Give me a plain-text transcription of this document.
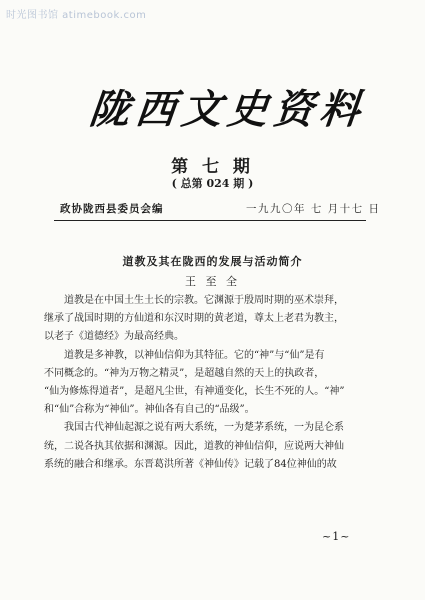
时光图书馆 atimebook.com
陇西文史资料
第 七 期
( 总第 024 期 )
政协陇西县委员会编	一九九〇年 七 月十七 日
道教及其在陇西的发展与活动简介
王 至 全
道教是在中国土生土长的宗教。它渊源于殷周时期的巫术崇拜，
继承了战国时期的方仙道和东汉时期的黄老道，尊太上老君为教主，
以老子《道德经》为最高经典。
道教是多神教，以神仙信仰为其特征。它的“神”与“仙”是有
不同概念的。“神为万物之精灵”，是超越自然的天上的执政者，
“仙为修炼得道者”，是超凡尘世，有神通变化，长生不死的人。“神”
和“仙”合称为“神仙”。神仙各有自己的“品级”。
我国古代神仙起源之说有两大系统，一为楚茅系统，一为昆仑系
统，二说各执其依据和渊源。因此，道教的神仙信仰，应说两大神仙
系统的融合和继承。东晋葛洪所著《神仙传》记载了84位神仙的故
~1~
